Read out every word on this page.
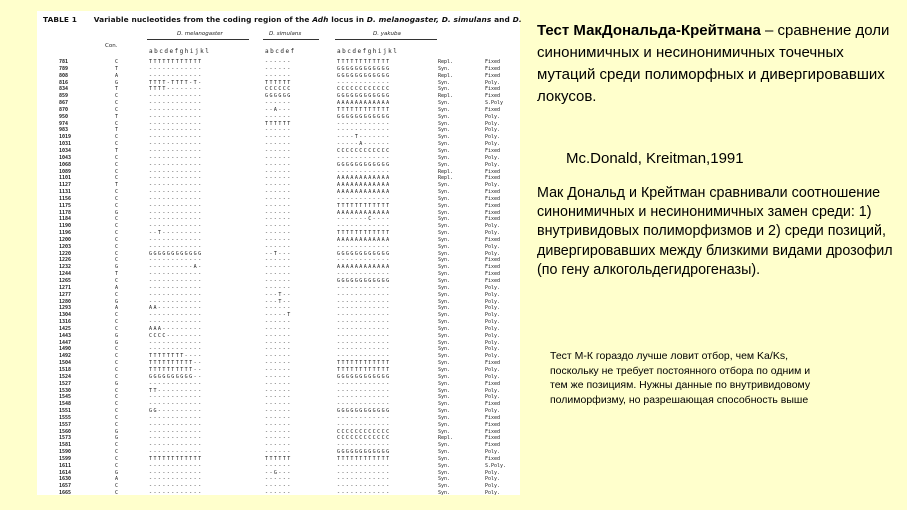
TABLE 1 Variable nucleotides from the coding region of the Adh locus in D. melanogaster, D. simulans and D.
D. melanogaster	D. simulans	D. yakuba
Con.
abcdefghijkl	abcdef	abcdefghijkl
781	C	TTTTTTTTTTTT	------	TTTTTTTTTTTT	Repl.	Fixed
789	T	------------	------	GGGGGGGGGGGG	Syn.	Fixed
808	A	------------	------	GGGGGGGGGGGG	Repl.	Fixed
816	G	TTTT-TTTT-T-	TTTTTT	------------	Syn.	Poly.
834	T	TTTT--------	CCCCCC	CCCCCCCCCCCC	Syn.	Fixed
859	C	------------	GGGGGG	GGGGGGGGGGGG	Repl.	Fixed
867	C	------------	------	AAAAAAAAAAAA	Syn.	S.Poly
870	C	------------	--A---	TTTTTTTTTTTT	Syn.	Fixed
950	T	------------	------	GGGGGGGGGGGG	Syn.	Poly.
974	C	------------	TTTTTT	------------	Syn.	Poly.
983	T	------------	------	------------	Syn.	Poly.
1019	C	------------	------	----T-------	Syn.	Poly.
1031	C	------------	------	-----A------	Syn.	Poly.
1034	T	------------	------	CCCCCCCCCCCC	Syn.	Fixed
1043	C	------------	------	------------	Syn.	Poly.
1068	C	------------	------	GGGGGGGGGGGG	Syn.	Poly.
1089	C	------------	------	------------	Repl.	Fixed
1101	C	------------	------	AAAAAAAAAAAA	Repl.	Fixed
1127	T	------------	------	AAAAAAAAAAAA	Syn.	Poly.
1131	C	------------	------	AAAAAAAAAAAA	Syn.	Fixed
1156	C	------------	------	------------	Syn.	Fixed
1175	C	------------	------	TTTTTTTTTTTT	Syn.	Fixed
1178	G	------------	------	AAAAAAAAAAAA	Syn.	Fixed
1184	C	------------	------	-------C----	Syn.	Fixed
1190	C	------------	------	------------	Syn.	Poly.
1196	C	--T---------	------	TTTTTTTTTTTT	Syn.	Poly.
1200	C	------------	------	AAAAAAAAAAAA	Syn.	Fixed
1203	C	------------	------	------------	Syn.	Poly.
1220	C	GGGGGGGGGGGG	--T---	GGGGGGGGGGGG	Syn.	Poly.
1226	C	------------	------	------------	Syn.	Fixed
1232	G	----------A-	------	AAAAAAAAAAAA	Syn.	Fixed
1244	T	------------	------	------------	Syn.	Fixed
1265	C	------------	------	GGGGGGGGGGGG	Syn.	Fixed
1271	A	------------	------	------------	Syn.	Poly.
1277	C	------------	---T--	------------	Syn.	Poly.
1280	G	------------	---T--	------------	Syn.	Poly.
1293	A	AA----------	------	------------	Syn.	Poly.
1304	C	------------	-----T	------------	Syn.	Poly.
1316	C	------------	------	------------	Syn.	Poly.
1425	C	AAA---------	------	------------	Syn.	Poly.
1443	G	CCCC--------	------	------------	Syn.	Poly.
1447	G	------------	------	------------	Syn.	Poly.
1490	C	------------	------	------------	Syn.	Poly.
1492	C	TTTTTTTT----	------	------------	Syn.	Poly.
1504	C	TTTTTTTTTT--	------	TTTTTTTTTTTT	Syn.	Fixed
1518	C	TTTTTTTTTT--	------	TTTTTTTTTTTT	Syn.	Poly.
1524	C	GGGGGGGGGG--	------	GGGGGGGGGGGG	Syn.	Poly.
1527	G	------------	------	------------	Syn.	Fixed
1530	C	TT----------	------	------------	Syn.	Poly.
1545	C	------------	------	------------	Syn.	Poly.
1548	C	------------	------	------------	Syn.	Fixed
1551	C	GG----------	------	GGGGGGGGGGGG	Syn.	Poly.
1555	C	------------	------	------------	Syn.	Fixed
1557	C	------------	------	------------	Syn.	Fixed
1560	G	------------	------	CCCCCCCCCCCC	Syn.	Fixed
1573	G	------------	------	CCCCCCCCCCCC	Repl.	Fixed
1581	C	------------	------	------------	Syn.	Fixed
1590	C	------------	------	GGGGGGGGGGGG	Syn.	Poly.
1599	C	TTTTTTTTTTTT	TTTTTT	TTTTTTTTTTTT	Syn.	Fixed
1611	C	------------	------	------------	Syn.	S.Poly.
1614	G	------------	--G---	------------	Syn.	Poly.
1630	A	------------	------	------------	Syn.	Poly.
1657	C	------------	------	------------	Syn.	Poly.
1665	C	------------	------	------------	Syn.	Poly.
Тест МакДональда-Крейтмана – сравнение доли синонимичных и несинонимичных точечных мутаций среди полиморфных и дивергировавших локусов.
Mc.Donald, Kreitman,1991
Мак Дональд и Крейтман сравнивали соотношение синонимичных и несинонимичных замен среди: 1) внутривидовых полиморфизмов и 2) среди позиций, дивергировавших между близкими видами дрозофил (по гену алкогольдегидрогеназы).
Тест М-К гораздо лучше ловит отбор, чем Ka/Ks, поскольку не требует постоянного отбора по одним и тем же позициям. Нужны данные по внутривидовому полиморфизму, но разрешающая способность выше
